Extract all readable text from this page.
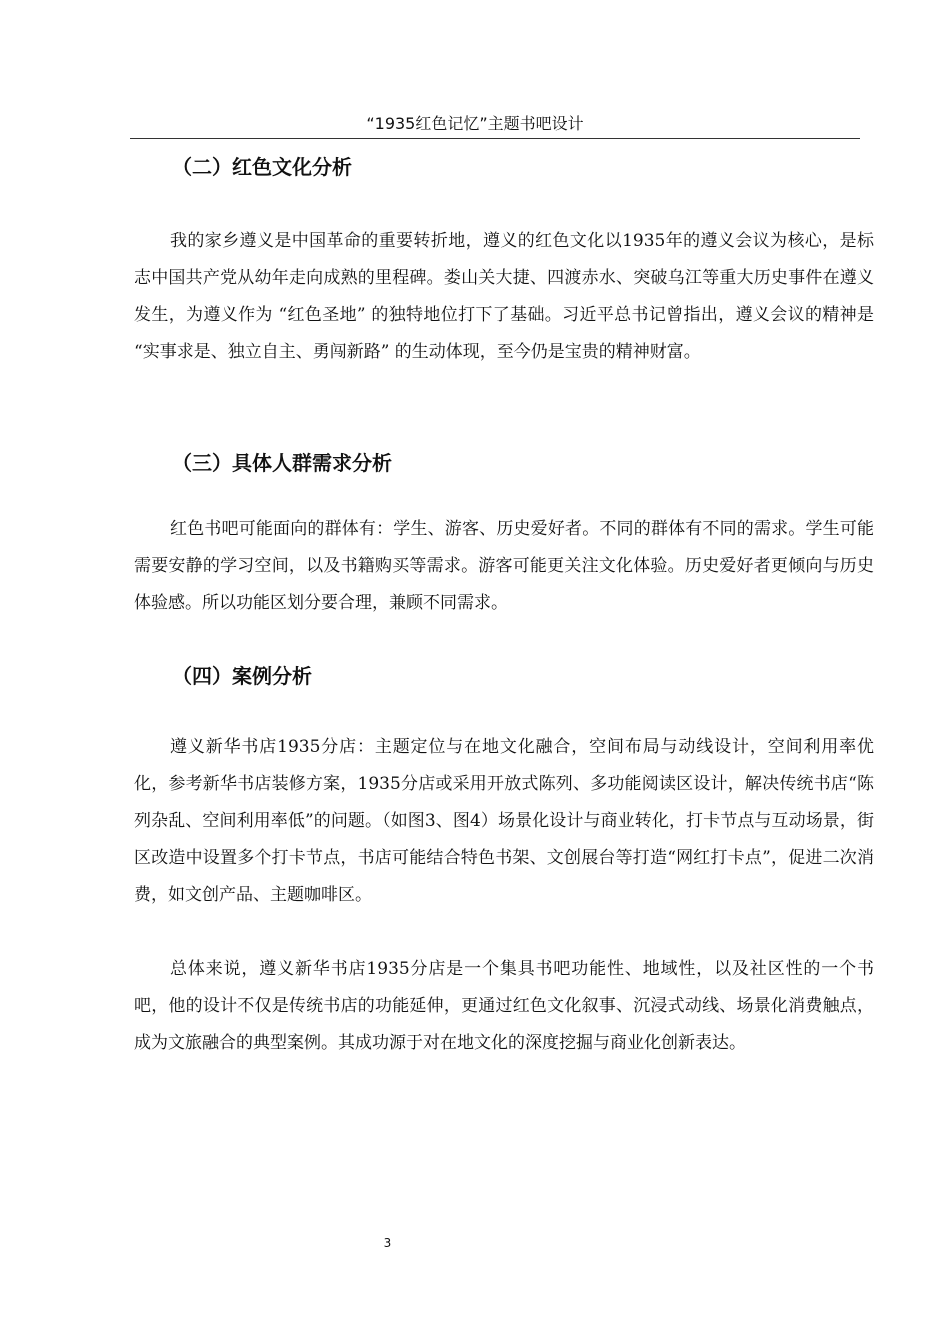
“1935红色记忆”主题书吧设计
（二）红色文化分析

我的家乡遵义是中国革命的重要转折地，遵义的红色文化以1935年的遵义会议为核心，是标志中国共产党从幼年走向成熟的里程碑。娄山关大捷、四渡赤水、突破乌江等重大历史事件在遵义发生，为遵义作为 “红色圣地” 的独特地位打下了基础。习近平总书记曾指出，遵义会议的精神是 “实事求是、独立自主、勇闯新路” 的生动体现，至今仍是宝贵的精神财富。

（三）具体人群需求分析

红色书吧可能面向的群体有：学生、游客、历史爱好者。不同的群体有不同的需求。学生可能需要安静的学习空间，以及书籍购买等需求。游客可能更关注文化体验。历史爱好者更倾向与历史体验感。所以功能区划分要合理，兼顾不同需求。

（四）案例分析

遵义新华书店1935分店：主题定位与在地文化融合，空间布局与动线设计，空间利用率优化，参考新华书店装修方案，1935分店或采用开放式陈列、多功能阅读区设计，解决传统书店“陈列杂乱、空间利用率低”的问题。（如图3、图4）场景化设计与商业转化，打卡节点与互动场景，街区改造中设置多个打卡节点，书店可能结合特色书架、文创展台等打造“网红打卡点”，促进二次消费，如文创产品、主题咖啡区。

总体来说，遵义新华书店1935分店是一个集具书吧功能性、地域性，以及社区性的一个书吧，他的设计不仅是传统书店的功能延伸，更通过红色文化叙事、沉浸式动线、场景化消费触点，成为文旅融合的典型案例。其成功源于对在地文化的深度挖掘与商业化创新表达。

3
